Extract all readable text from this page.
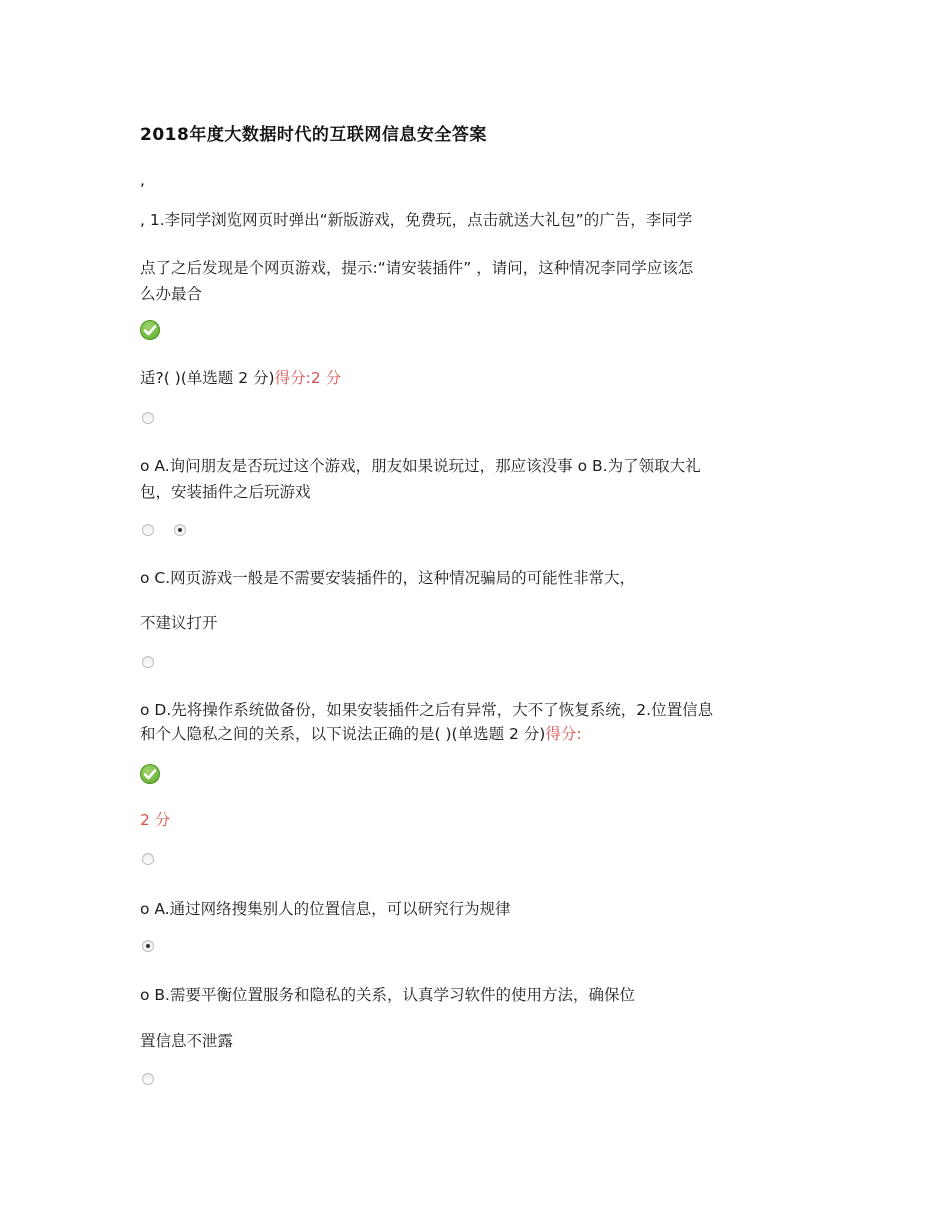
2018年度大数据时代的互联网信息安全答案
,
, 1.李同学浏览网页时弹出“新版游戏，免费玩，点击就送大礼包”的广告，李同学
点了之后发现是个网页游戏，提示:“请安装插件” ，请问，这种情况李同学应该怎
么办最合
适?( )(单选题 2 分)得分:2 分
o A.询问朋友是否玩过这个游戏，朋友如果说玩过，那应该没事 o B.为了领取大礼
包，安装插件之后玩游戏
o C.网页游戏一般是不需要安装插件的，这种情况骗局的可能性非常大，
不建议打开
o D.先将操作系统做备份，如果安装插件之后有异常，大不了恢复系统，2.位置信息
和个人隐私之间的关系，以下说法正确的是( )(单选题 2 分)得分:
2 分
o A.通过网络搜集别人的位置信息，可以研究行为规律
o B.需要平衡位置服务和隐私的关系，认真学习软件的使用方法，确保位
置信息不泄露
